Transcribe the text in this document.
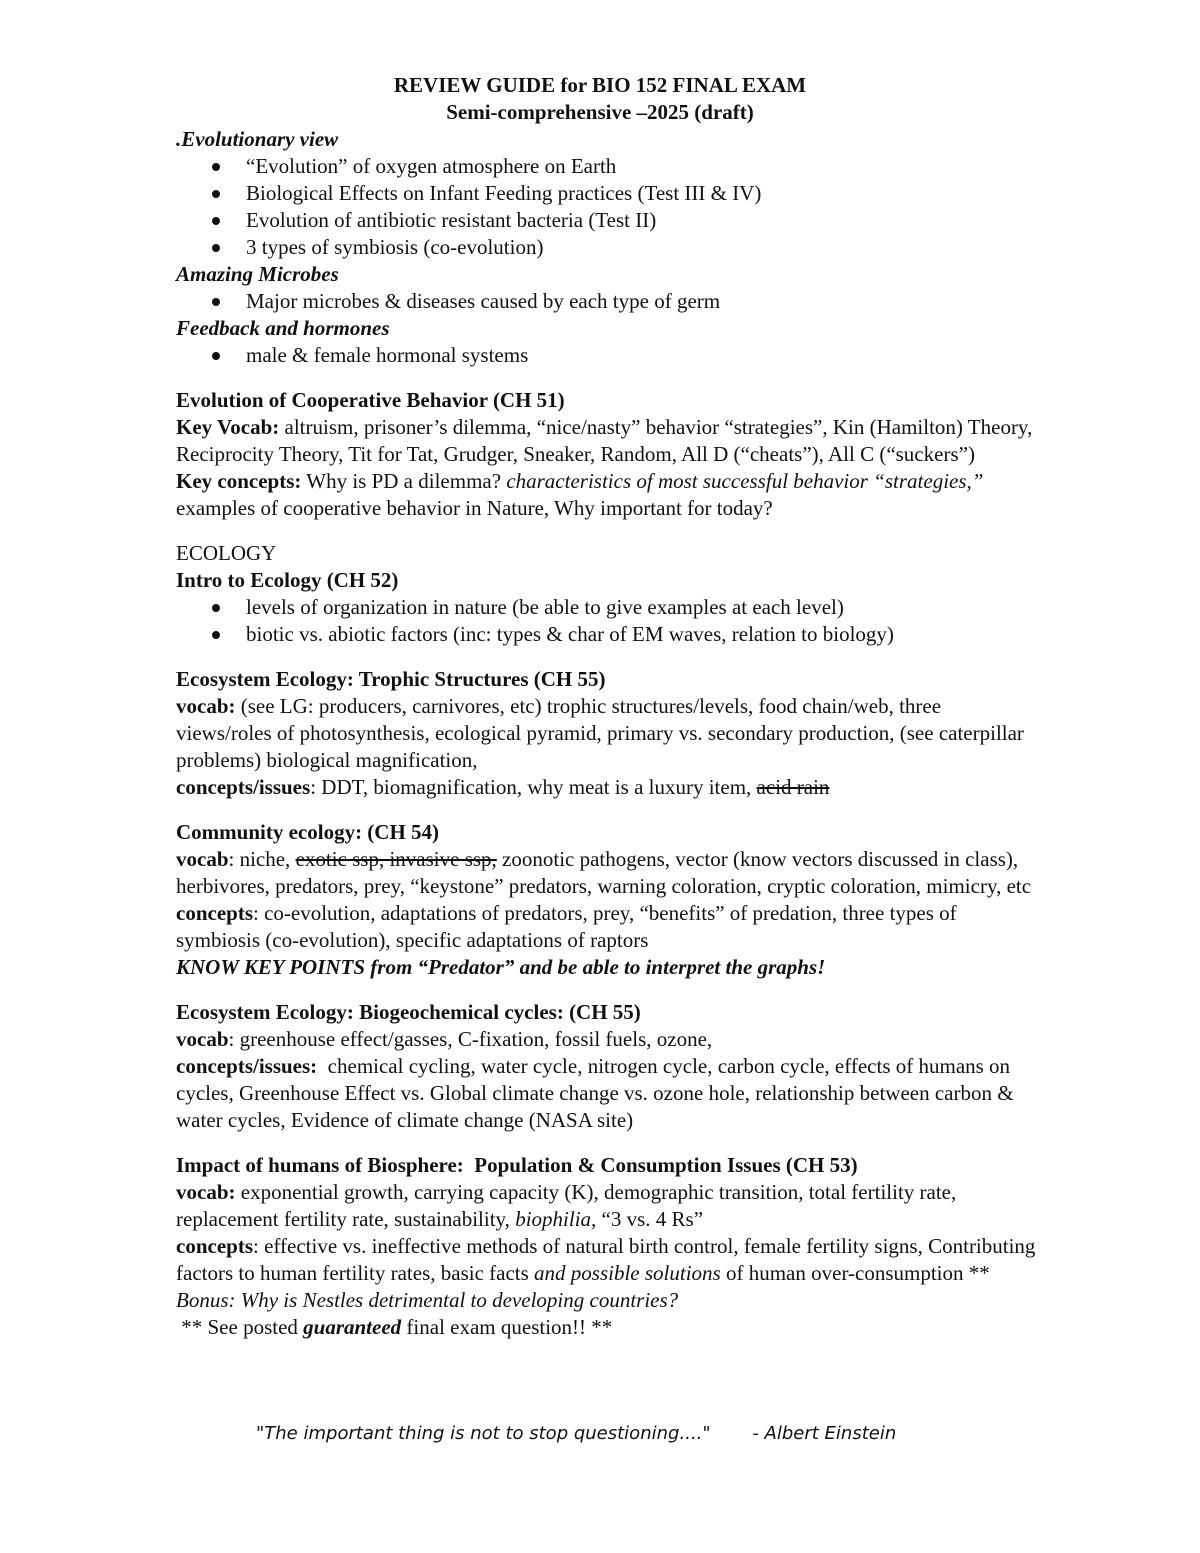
REVIEW GUIDE for BIO 152 FINAL EXAM
Semi-comprehensive –2025 (draft)
.Evolutionary view
“Evolution” of oxygen atmosphere on Earth
Biological Effects on Infant Feeding practices (Test III & IV)
Evolution of antibiotic resistant bacteria (Test II)
3 types of symbiosis (co-evolution)
Amazing Microbes
Major microbes & diseases caused by each type of germ
Feedback and hormones
male & female hormonal systems
Evolution of Cooperative Behavior (CH 51)
Key Vocab: altruism, prisoner’s dilemma, “nice/nasty” behavior “strategies”, Kin (Hamilton) Theory, Reciprocity Theory, Tit for Tat, Grudger, Sneaker, Random, All D (“cheats”), All C (“suckers”)
Key concepts: Why is PD a dilemma? characteristics of most successful behavior “strategies,” examples of cooperative behavior in Nature, Why important for today?
ECOLOGY
Intro to Ecology (CH 52)
levels of organization in nature (be able to give examples at each level)
biotic vs. abiotic factors (inc: types & char of EM waves, relation to biology)
Ecosystem Ecology: Trophic Structures (CH 55)
vocab: (see LG: producers, carnivores, etc) trophic structures/levels, food chain/web, three views/roles of photosynthesis, ecological pyramid, primary vs. secondary production, (see caterpillar problems) biological magnification,
concepts/issues: DDT, biomagnification, why meat is a luxury item, acid rain
Community ecology: (CH 54)
vocab: niche, exotic ssp, invasive ssp, zoonotic pathogens, vector (know vectors discussed in class), herbivores, predators, prey, “keystone” predators, warning coloration, cryptic coloration, mimicry, etc
concepts: co-evolution, adaptations of predators, prey, “benefits” of predation, three types of symbiosis (co-evolution), specific adaptations of raptors
KNOW KEY POINTS from “Predator” and be able to interpret the graphs!
Ecosystem Ecology: Biogeochemical cycles: (CH 55)
vocab: greenhouse effect/gasses, C-fixation, fossil fuels, ozone,
concepts/issues:  chemical cycling, water cycle, nitrogen cycle, carbon cycle, effects of humans on cycles, Greenhouse Effect vs. Global climate change vs. ozone hole, relationship between carbon & water cycles, Evidence of climate change (NASA site)
Impact of humans of Biosphere:  Population & Consumption Issues (CH 53)
vocab: exponential growth, carrying capacity (K), demographic transition, total fertility rate, replacement fertility rate, sustainability, biophilia, “3 vs. 4 Rs”
concepts: effective vs. ineffective methods of natural birth control, female fertility signs, Contributing factors to human fertility rates, basic facts and possible solutions of human over-consumption ** Bonus: Why is Nestles detrimental to developing countries?
** See posted guaranteed final exam question!! **
"The important thing is not to stop questioning...." - Albert Einstein
